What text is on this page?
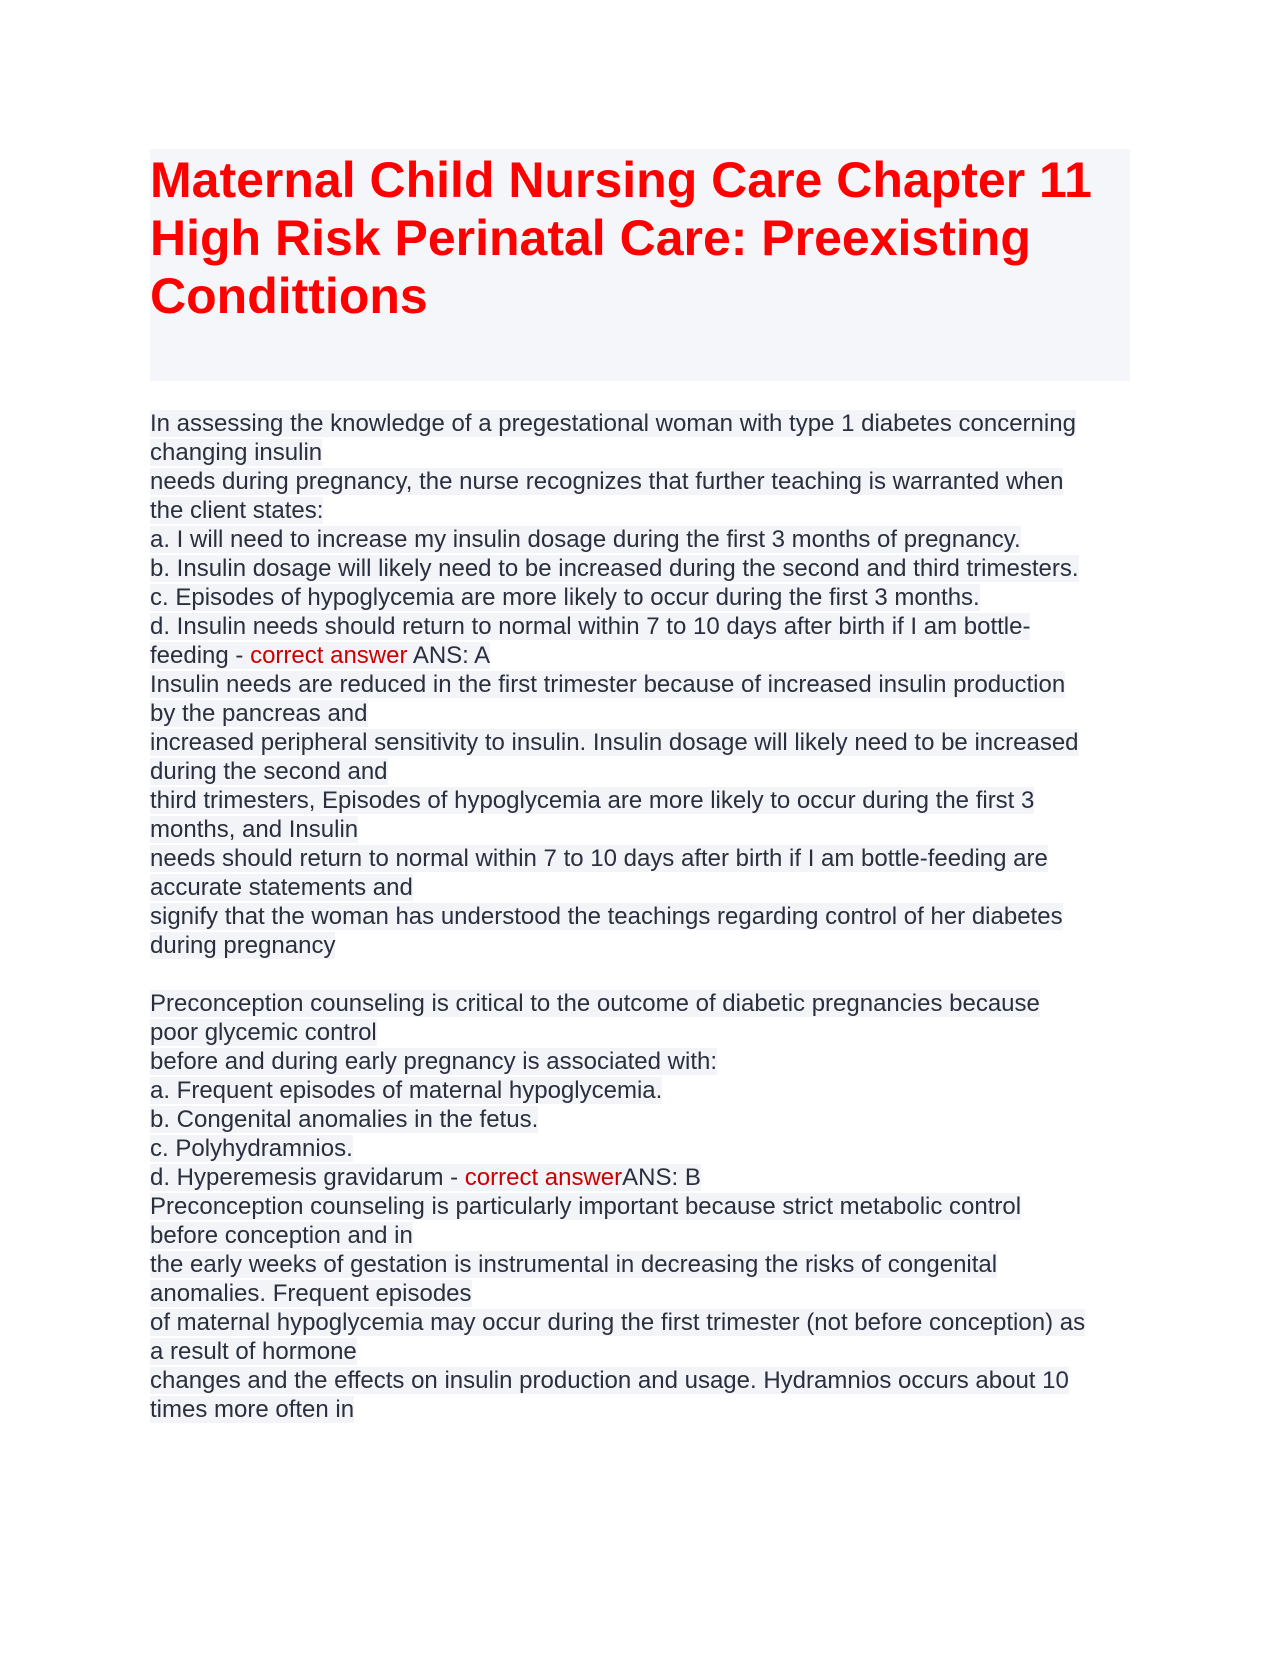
Maternal Child Nursing Care Chapter 11 High Risk Perinatal Care: Preexisting Condittions
In assessing the knowledge of a pregestational woman with type 1 diabetes concerning
changing insulin
needs during pregnancy, the nurse recognizes that further teaching is warranted when
the client states:
a. I will need to increase my insulin dosage during the first 3 months of pregnancy.
b. Insulin dosage will likely need to be increased during the second and third trimesters.
c. Episodes of hypoglycemia are more likely to occur during the first 3 months.
d. Insulin needs should return to normal within 7 to 10 days after birth if I am bottle-
feeding - correct answer ANS: A
Insulin needs are reduced in the first trimester because of increased insulin production
by the pancreas and
increased peripheral sensitivity to insulin. Insulin dosage will likely need to be increased
during the second and
third trimesters, Episodes of hypoglycemia are more likely to occur during the first 3
months, and Insulin
needs should return to normal within 7 to 10 days after birth if I am bottle-feeding are
accurate statements and
signify that the woman has understood the teachings regarding control of her diabetes
during pregnancy
Preconception counseling is critical to the outcome of diabetic pregnancies because
poor glycemic control
before and during early pregnancy is associated with:
a. Frequent episodes of maternal hypoglycemia.
b. Congenital anomalies in the fetus.
c. Polyhydramnios.
d. Hyperemesis gravidarum - correct answerANS: B
Preconception counseling is particularly important because strict metabolic control
before conception and in
the early weeks of gestation is instrumental in decreasing the risks of congenital
anomalies. Frequent episodes
of maternal hypoglycemia may occur during the first trimester (not before conception) as
a result of hormone
changes and the effects on insulin production and usage. Hydramnios occurs about 10
times more often in
